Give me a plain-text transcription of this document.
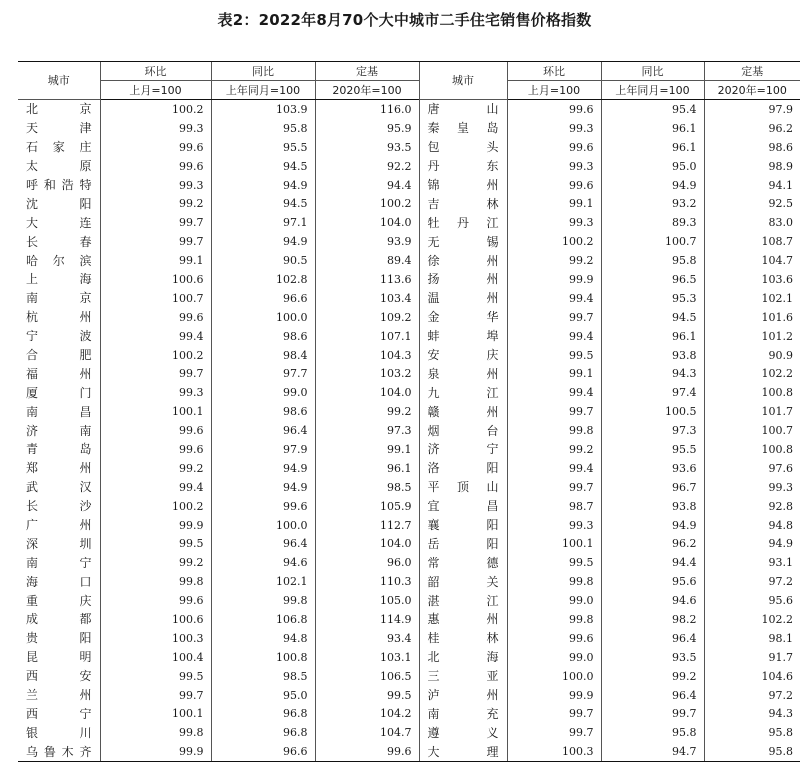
表2：2022年8月70个大中城市二手住宅销售价格指数
城市	环比	同比	定基	城市	环比	同比	定基
	上月=100	上年同月=100	2020年=100		上月=100	上年同月=100	2020年=100

北 京	100.2	103.9	116.0	唐 山	99.6	95.4	97.9

天 津	99.3	95.8	95.9	秦 皇 岛	99.3	96.1	96.2

石 家 庄	99.6	95.5	93.5	包 头	99.6	96.1	98.6

太 原	99.6	94.5	92.2	丹 东	99.3	95.0	98.9

呼 和 浩 特	99.3	94.9	94.4	锦 州	99.6	94.9	94.1

沈 阳	99.2	94.5	100.2	吉 林	99.1	93.2	92.5

大 连	99.7	97.1	104.0	牡 丹 江	99.3	89.3	83.0

长 春	99.7	94.9	93.9	无 锡	100.2	100.7	108.7

哈 尔 滨	99.1	90.5	89.4	徐 州	99.2	95.8	104.7

上 海	100.6	102.8	113.6	扬 州	99.9	96.5	103.6

南 京	100.7	96.6	103.4	温 州	99.4	95.3	102.1

杭 州	99.6	100.0	109.2	金 华	99.7	94.5	101.6

宁 波	99.4	98.6	107.1	蚌 埠	99.4	96.1	101.2

合 肥	100.2	98.4	104.3	安 庆	99.5	93.8	90.9

福 州	99.7	97.7	103.2	泉 州	99.1	94.3	102.2

厦 门	99.3	99.0	104.0	九 江	99.4	97.4	100.8

南 昌	100.1	98.6	99.2	赣 州	99.7	100.5	101.7

济 南	99.6	96.4	97.3	烟 台	99.8	97.3	100.7

青 岛	99.6	97.9	99.1	济 宁	99.2	95.5	100.8

郑 州	99.2	94.9	96.1	洛 阳	99.4	93.6	97.6

武 汉	99.4	94.9	98.5	平 顶 山	99.7	96.7	99.3

长 沙	100.2	99.6	105.9	宜 昌	98.7	93.8	92.8

广 州	99.9	100.0	112.7	襄 阳	99.3	94.9	94.8

深 圳	99.5	96.4	104.0	岳 阳	100.1	96.2	94.9

南 宁	99.2	94.6	96.0	常 德	99.5	94.4	93.1

海 口	99.8	102.1	110.3	韶 关	99.8	95.6	97.2

重 庆	99.6	99.8	105.0	湛 江	99.0	94.6	95.6

成 都	100.6	106.8	114.9	惠 州	99.8	98.2	102.2

贵 阳	100.3	94.8	93.4	桂 林	99.6	96.4	98.1

昆 明	100.4	100.8	103.1	北 海	99.0	93.5	91.7

西 安	99.5	98.5	106.5	三 亚	100.0	99.2	104.6

兰 州	99.7	95.0	99.5	泸 州	99.9	96.4	97.2

西 宁	100.1	96.8	104.2	南 充	99.7	99.7	94.3

银 川	99.8	96.8	104.7	遵 义	99.7	95.8	95.8

乌 鲁 木 齐	99.9	96.6	99.6	大 理	100.3	94.7	95.8
